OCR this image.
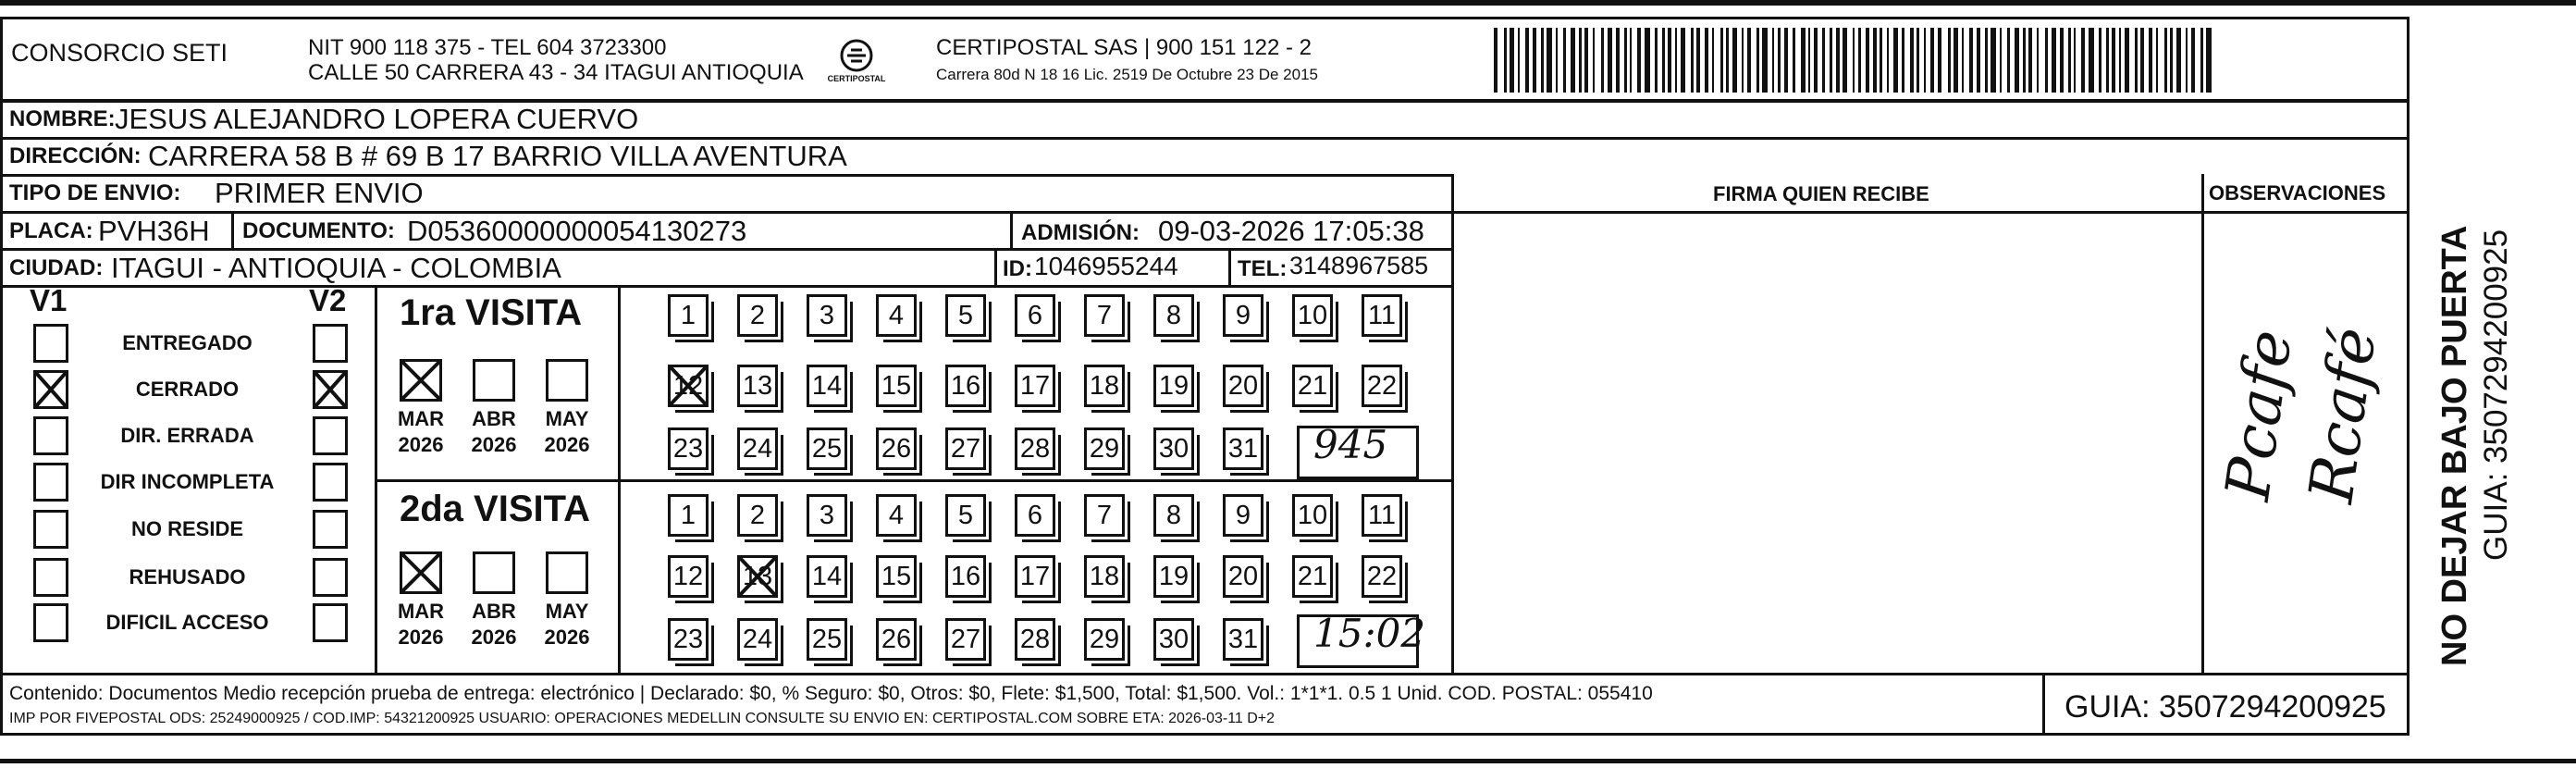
CONSORCIO SETI	NIT 900 118 375 - TEL 604 3723300
CALLE 50 CARRERA 43 - 34 ITAGUI ANTIOQUIA	CERTIPOSTAL
CERTIPOSTAL SAS | 900 151 122 - 2
Carrera 80d N 18 16 Lic. 2519 De Octubre 23 De 2015
NOMBRE: JESUS ALEJANDRO LOPERA CUERVO
DIRECCIÓN: CARRERA 58 B # 69 B 17 BARRIO VILLA AVENTURA
TIPO DE ENVIO: PRIMER ENVIO	FIRMA QUIEN RECIBE	OBSERVACIONES
PLACA: PVH36H DOCUMENTO: D05360000000054130273	ADMISIÓN: 09-03-2026 17:05:38
CIUDAD: ITAGUI - ANTIOQUIA - COLOMBIA	ID: 1046955244	TEL: 3148967585
V1	V2
ENTREGADO
CERRADO
DIR. ERRADA
DIR INCOMPLETA
NO RESIDE
REHUSADO
DIFICIL ACCESO
1ra VISITA
2da VISITA
MAR
2026
ABR
2026
MAY
2026
MAR
2026
ABR
2026
MAY
2026
1	2	3	4	5	6	7	8	9	10 11
12 13 14 15 16 17 18 19 20 21 22
23 24 25 26 27 28 29 30 31
1	2	3	4	5	6	7	8	9	10 11
12 13 14 15 16 17 18 19 20 21 22
23 24 25 26 27 28 29 30 31
945
15:02
Pcafe
Rcafé NO DEJAR BAJO PUERTA GUIA: 3507294200925
Contenido: Documentos Medio recepción prueba de entrega: electrónico | Declarado: $0, % Seguro: $0, Otros: $0, Flete: $1,500, Total: $1,500. Vol.: 1*1*1. 0.5 1 Unid. COD. POSTAL: 055410
IMP POR FIVEPOSTAL ODS: 25249000925 / COD.IMP: 54321200925 USUARIO: OPERACIONES MEDELLIN CONSULTE SU ENVIO EN: CERTIPOSTAL.COM SOBRE ETA: 2026-03-11 D+2	GUIA: 3507294200925
